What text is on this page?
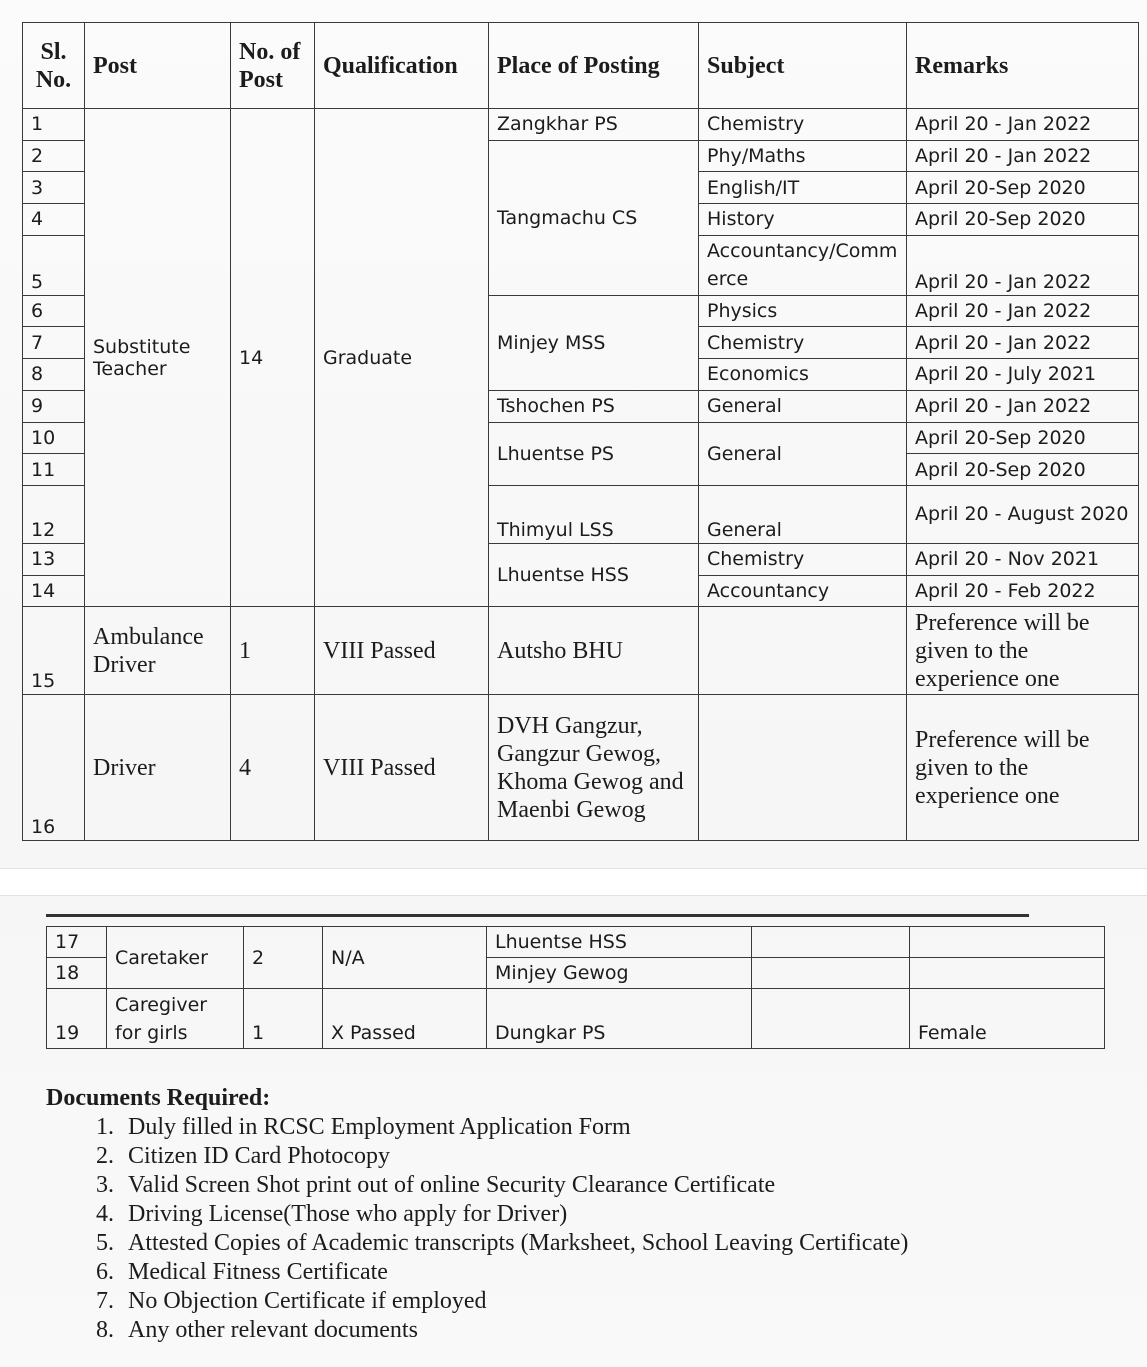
Sl. No.	Post	No. of Post	Qualification	Place of Posting	Subject	Remarks
1	Substitute Teacher	14	Graduate	Zangkhar PS	Chemistry	April 20 - Jan 2022
2				Tangmachu CS	Phy/Maths	April 20 - Jan 2022
3					English/IT	April 20-Sep 2020
4					History	April 20-Sep 2020
5					Accountancy/Commerce	April 20 - Jan 2022
6				Minjey MSS	Physics	April 20 - Jan 2022
7					Chemistry	April 20 - Jan 2022
8					Economics	April 20 - July 2021
9				Tshochen PS	General	April 20 - Jan 2022
10				Lhuentse PS	General	April 20-Sep 2020
11						April 20-Sep 2020
12				Thimyul LSS	General	April 20 - August 2020
13				Lhuentse HSS	Chemistry	April 20 - Nov 2021
14					Accountancy	April 20 - Feb 2022
15	Ambulance Driver	1	VIII Passed	Autsho BHU		Preference will be given to the experience one
16	Driver	4	VIII Passed	DVH Gangzur, Gangzur Gewog, Khoma Gewog and Maenbi Gewog		Preference will be given to the experience one
17	Caretaker	2	N/A	Lhuentse HSS		
18				Minjey Gewog		
19	Caregiver for girls	1	X Passed	Dungkar PS		Female
Documents Required:
1. Duly filled in RCSC Employment Application Form
2. Citizen ID Card Photocopy
3. Valid Screen Shot print out of online Security Clearance Certificate
4. Driving License(Those who apply for Driver)
5. Attested Copies of Academic transcripts (Marksheet, School Leaving Certificate)
6. Medical Fitness Certificate
7. No Objection Certificate if employed
8. Any other relevant documents
